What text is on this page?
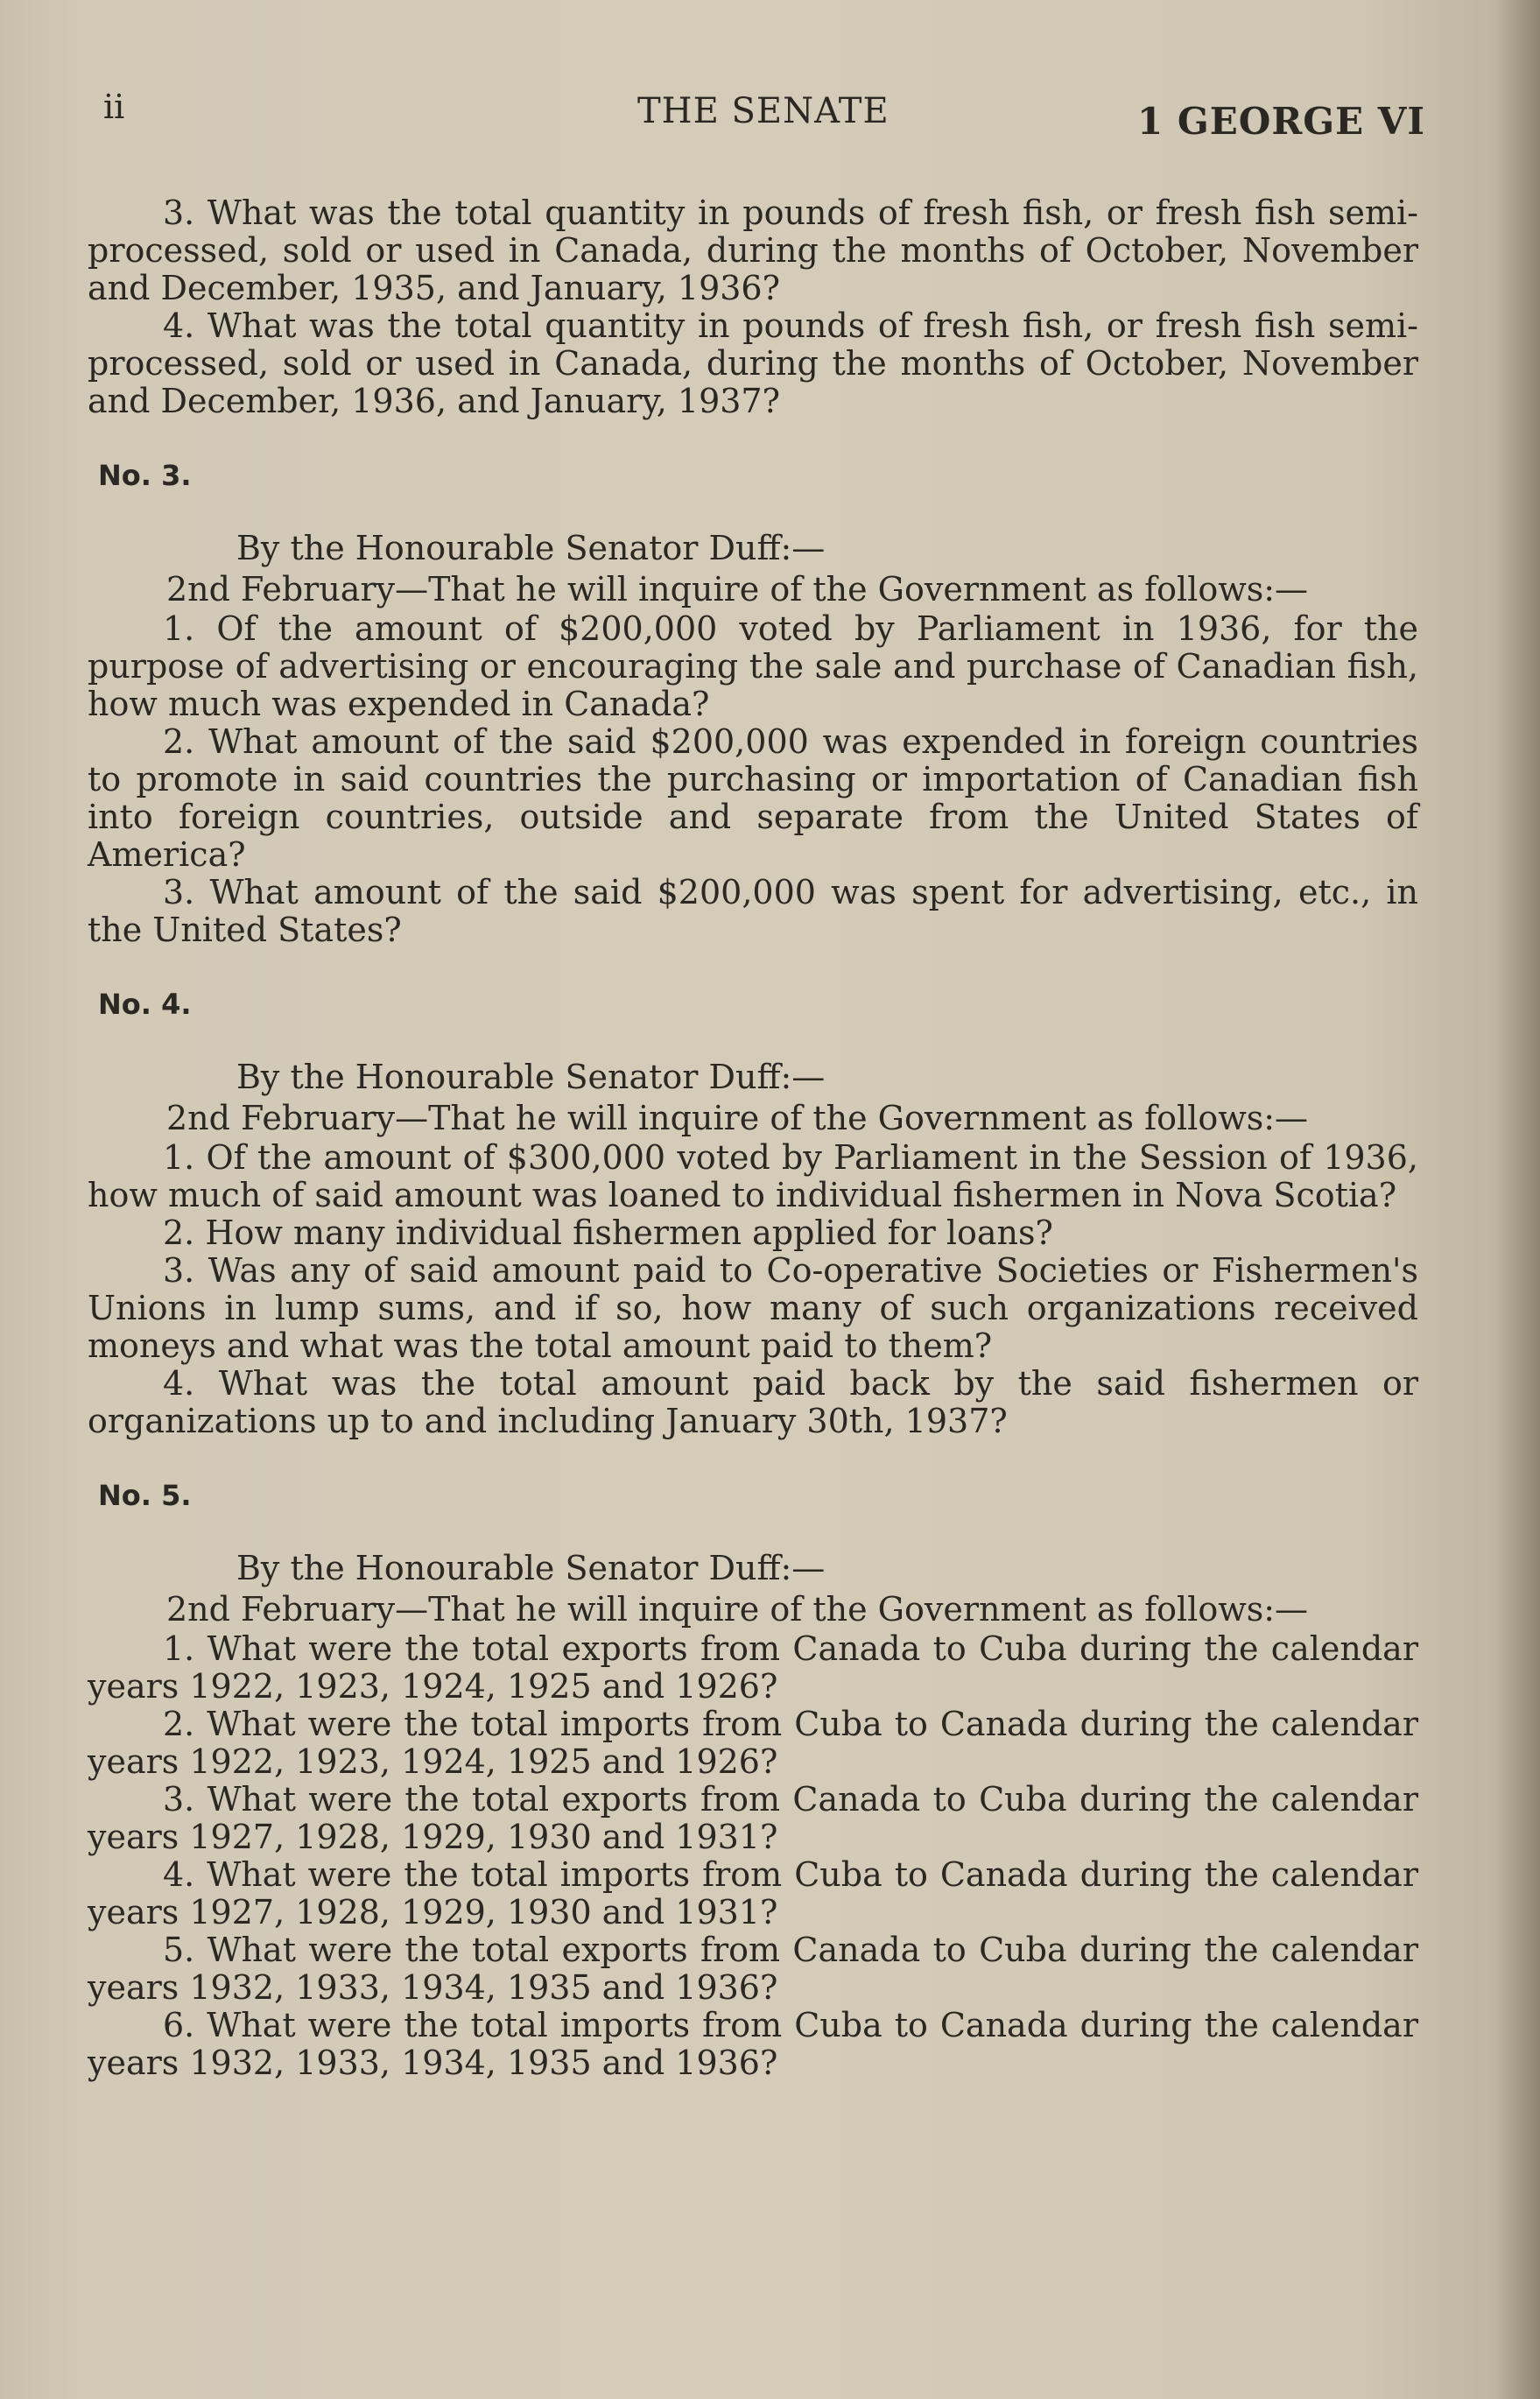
ii	THE SENATE	1 GEORGE VI

3. What was the total quantity in pounds of fresh fish, or fresh fish semi-processed, sold or used in Canada, during the months of October, November and December, 1935, and January, 1936?

4. What was the total quantity in pounds of fresh fish, or fresh fish semi-processed, sold or used in Canada, during the months of October, November and December, 1936, and January, 1937?

No. 3.

By the Honourable Senator Duff:—

2nd February—That he will inquire of the Government as follows:—

1. Of the amount of $200,000 voted by Parliament in 1936, for the purpose of advertising or encouraging the sale and purchase of Canadian fish, how much was expended in Canada?

2. What amount of the said $200,000 was expended in foreign countries to promote in said countries the purchasing or importation of Canadian fish into foreign countries, outside and separate from the United States of America?

3. What amount of the said $200,000 was spent for advertising, etc., in the United States?

No. 4.

By the Honourable Senator Duff:—

2nd February—That he will inquire of the Government as follows:—

1. Of the amount of $300,000 voted by Parliament in the Session of 1936, how much of said amount was loaned to individual fishermen in Nova Scotia?

2. How many individual fishermen applied for loans?

3. Was any of said amount paid to Co-operative Societies or Fishermen's Unions in lump sums, and if so, how many of such organizations received moneys and what was the total amount paid to them?

4. What was the total amount paid back by the said fishermen or organizations up to and including January 30th, 1937?

No. 5.

By the Honourable Senator Duff:—

2nd February—That he will inquire of the Government as follows:—

1. What were the total exports from Canada to Cuba during the calendar years 1922, 1923, 1924, 1925 and 1926?

2. What were the total imports from Cuba to Canada during the calendar years 1922, 1923, 1924, 1925 and 1926?

3. What were the total exports from Canada to Cuba during the calendar years 1927, 1928, 1929, 1930 and 1931?

4. What were the total imports from Cuba to Canada during the calendar years 1927, 1928, 1929, 1930 and 1931?

5. What were the total exports from Canada to Cuba during the calendar years 1932, 1933, 1934, 1935 and 1936?

6. What were the total imports from Cuba to Canada during the calendar years 1932, 1933, 1934, 1935 and 1936?
